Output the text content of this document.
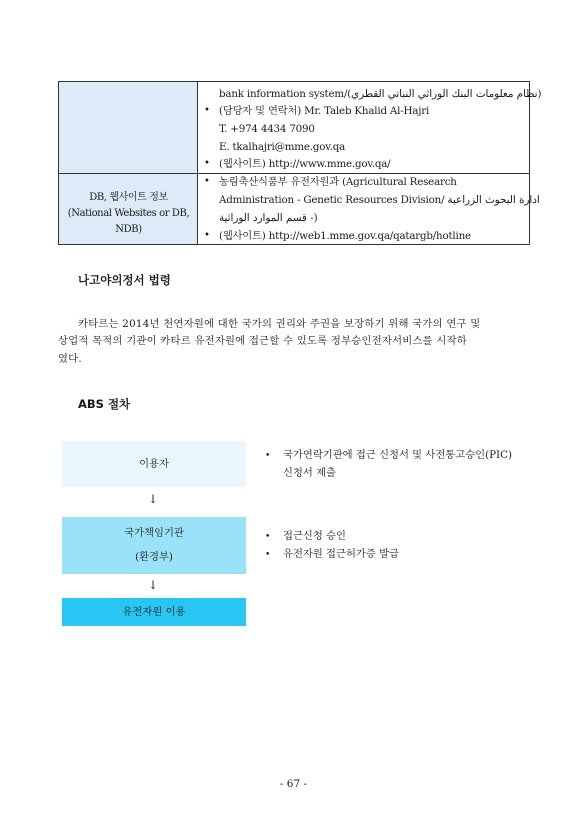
DB, 웹사이트 정보
(National Websites or DB, NDB)
bank information system/(نظام معلومات البنك الوراثي النباتي القطري)
• (담당자 및 연락처) Mr. Taleb Khalid Al-Hajri
T. +974 4434 7090
E. tkalhajri@mme.gov.qa
• (웹사이트) http://www.mme.gov.qa/
• 농림축산식품부 유전자원과 (Agricultural Research
Administration - Genetic Resources Division/ ادارة البحوث الزراعية
قسم الموارد الوراثية -)
• (웹사이트) http://web1.mme.gov.qa/qatargb/hotline
나고야의정서 법령
카타르는 2014년 천연자원에 대한 국가의 권리와 주권을 보장하기 위해 국가의 연구 및
상업적 목적의 기관이 카타르 유전자원에 접근할 수 있도록 정부승인전자서비스를 시작하
였다.
ABS 절차
이용자
↓
국가책임기관
(환경부)
↓
유전자원 이용
• 국가연락기관에 접근 신청서 및 사전통고승인(PIC)
신청서 제출
• 접근신청 승인
• 유전자원 접근허가증 발급
- 67 -
